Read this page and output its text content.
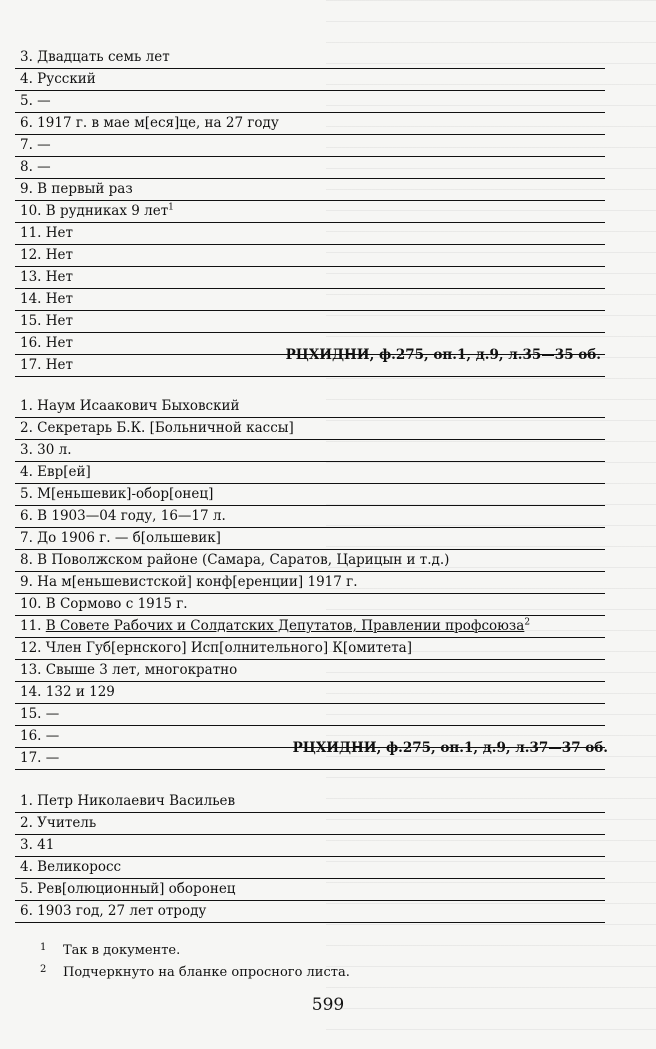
3. Двадцать семь лет
4. Русский
5. —
6. 1917 г. в мае м[еся]це, на 27 году
7. —
8. —
9. В первый раз
10. В рудниках 9 лет$^1$
11. Нет
12. Нет
13. Нет
14. Нет
15. Нет
16. Нет
17. Нет
РЦХИДНИ, ф.275, оп.1, д.9, л.35—35 об.
1. Наум Исаакович Быховский
2. Секретарь Б.К. [Больничной кассы]
3. 30 л.
4. Евр[ей]
5. М[еньшевик]-обор[онец]
6. В 1903—04 году, 16—17 л.
7. До 1906 г. — б[ольшевик]
8. В Поволжском районе (Самара, Саратов, Царицын и т.д.)
9. На м[еньшевистской] конф[еренции] 1917 г.
10. В Сормово с 1915 г.
11. В Совете Рабочих и Солдатских Депутатов, Правлении профсоюза$^2$
12. Член Губ[ернского] Исп[олнительного] К[омитета]
13. Свыше 3 лет, многократно
14. 132 и 129
15. —
16. —
17. —
РЦХИДНИ, ф.275, оп.1, д.9, л.37—37 об.
1. Петр Николаевич Васильев
2. Учитель
3. 41
4. Великоросс
5. Рев[олюционный] оборонец
6. 1903 год, 27 лет отроду
1 Так в документе.
2 Подчеркнуто на бланке опросного листа.
599
